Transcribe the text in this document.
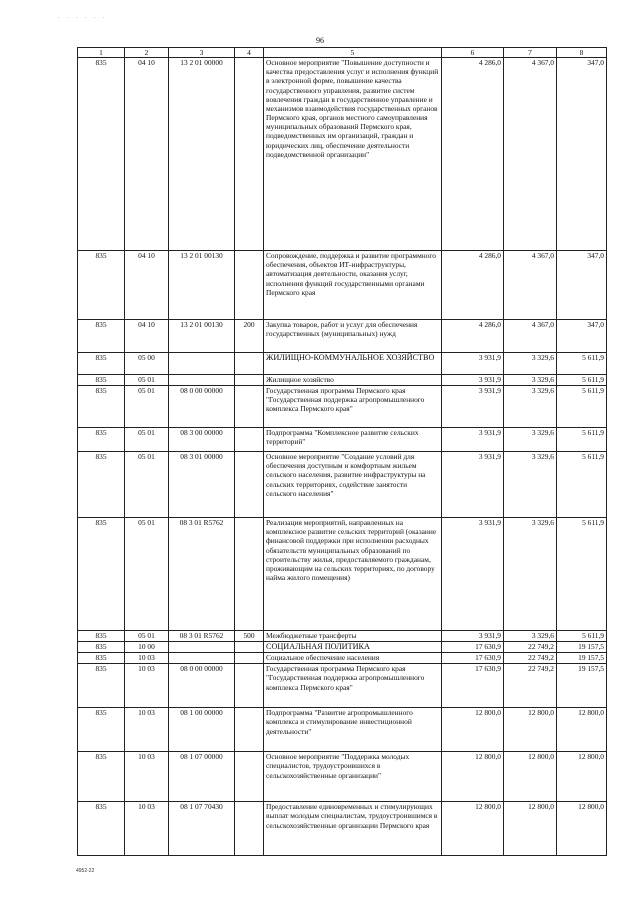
. . . . . .
96
1	2	3	4	5	6	7	8
835	04 10	13 2 01 00000		Основное мероприятие "Повышение доступности и качества предоставления услуг и исполнения функций в электронной форме, повышение качества государственного управления, развитие систем вовлечения граждан в государственное управление и механизмов взаимодействия государственных органов Пермского края, органов местного самоуправления муниципальных образований Пермского края, подведомственных им организаций, граждан и юридических лиц, обеспечение деятельности подведомственной организации"	4 286,0	4 367,0	347,0
835	04 10	13 2 01 00130		Сопровождение, поддержка и развитие программного обеспечения, объектов ИТ-инфраструктуры, автоматизация деятельности, оказания услуг, исполнения функций государственными органами Пермского края	4 286,0	4 367,0	347,0
835	04 10	13 2 01 00130	200	Закупка товаров, работ и услуг для обеспечения государственных (муниципальных) нужд	4 286,0	4 367,0	347,0
835	05 00			ЖИЛИЩНО-КОММУНАЛЬНОЕ ХОЗЯЙСТВО	3 931,9	3 329,6	5 611,9
835	05 01			Жилищное хозяйство	3 931,9	3 329,6	5 611,9
835	05 01	08 0 00 00000		Государственная программа Пермского края "Государственная поддержка агропромышленного комплекса Пермского края"	3 931,9	3 329,6	5 611,9
835	05 01	08 3 00 00000		Подпрограмма "Комплексное развитие сельских территорий"	3 931,9	3 329,6	5 611,9
835	05 01	08 3 01 00000		Основное мероприятие "Создание условий для обеспечения доступным и комфортным жильем сельского населения, развитие инфраструктуры на сельских территориях, содействие занятости сельского населения"	3 931,9	3 329,6	5 611,9
835	05 01	08 3 01 R5762		Реализация мероприятий, направленных на комплексное развитие сельских территорий (оказание финансовой поддержки при исполнении расходных обязательств муниципальных образований по строительству жилья, предоставляемого гражданам, проживающим на сельских территориях, по договору найма жилого помещения)	3 931,9	3 329,6	5 611,9
835	05 01	08 3 01 R5762	500	Межбюджетные трансферты	3 931,9	3 329,6	5 611,9
835	10 00			СОЦИАЛЬНАЯ ПОЛИТИКА	17 630,9	22 749,2	19 157,5
835	10 03			Социальное обеспечение населения	17 630,9	22 749,2	19 157,5
835	10 03	08 0 00 00000		Государственная программа Пермского края "Государственная поддержка агропромышленного комплекса Пермского края"	17 630,9	22 749,2	19 157,5
835	10 03	08 1 00 00000		Подпрограмма "Развитие агропромышленного комплекса и стимулирование инвестиционной деятельности"	12 800,0	12 800,0	12 800,0
835	10 03	08 1 07 00000		Основное мероприятие "Поддержка молодых специалистов, трудоустроившихся в сельскохозяйственные организации"	12 800,0	12 800,0	12 800,0
835	10 03	08 1 07 70430		Предоставление единовременных и стимулирующих выплат молодым специалистам, трудоустроившимся в сельскохозяйственные организации Пермского края	12 800,0	12 800,0	12 800,0
4952-22
